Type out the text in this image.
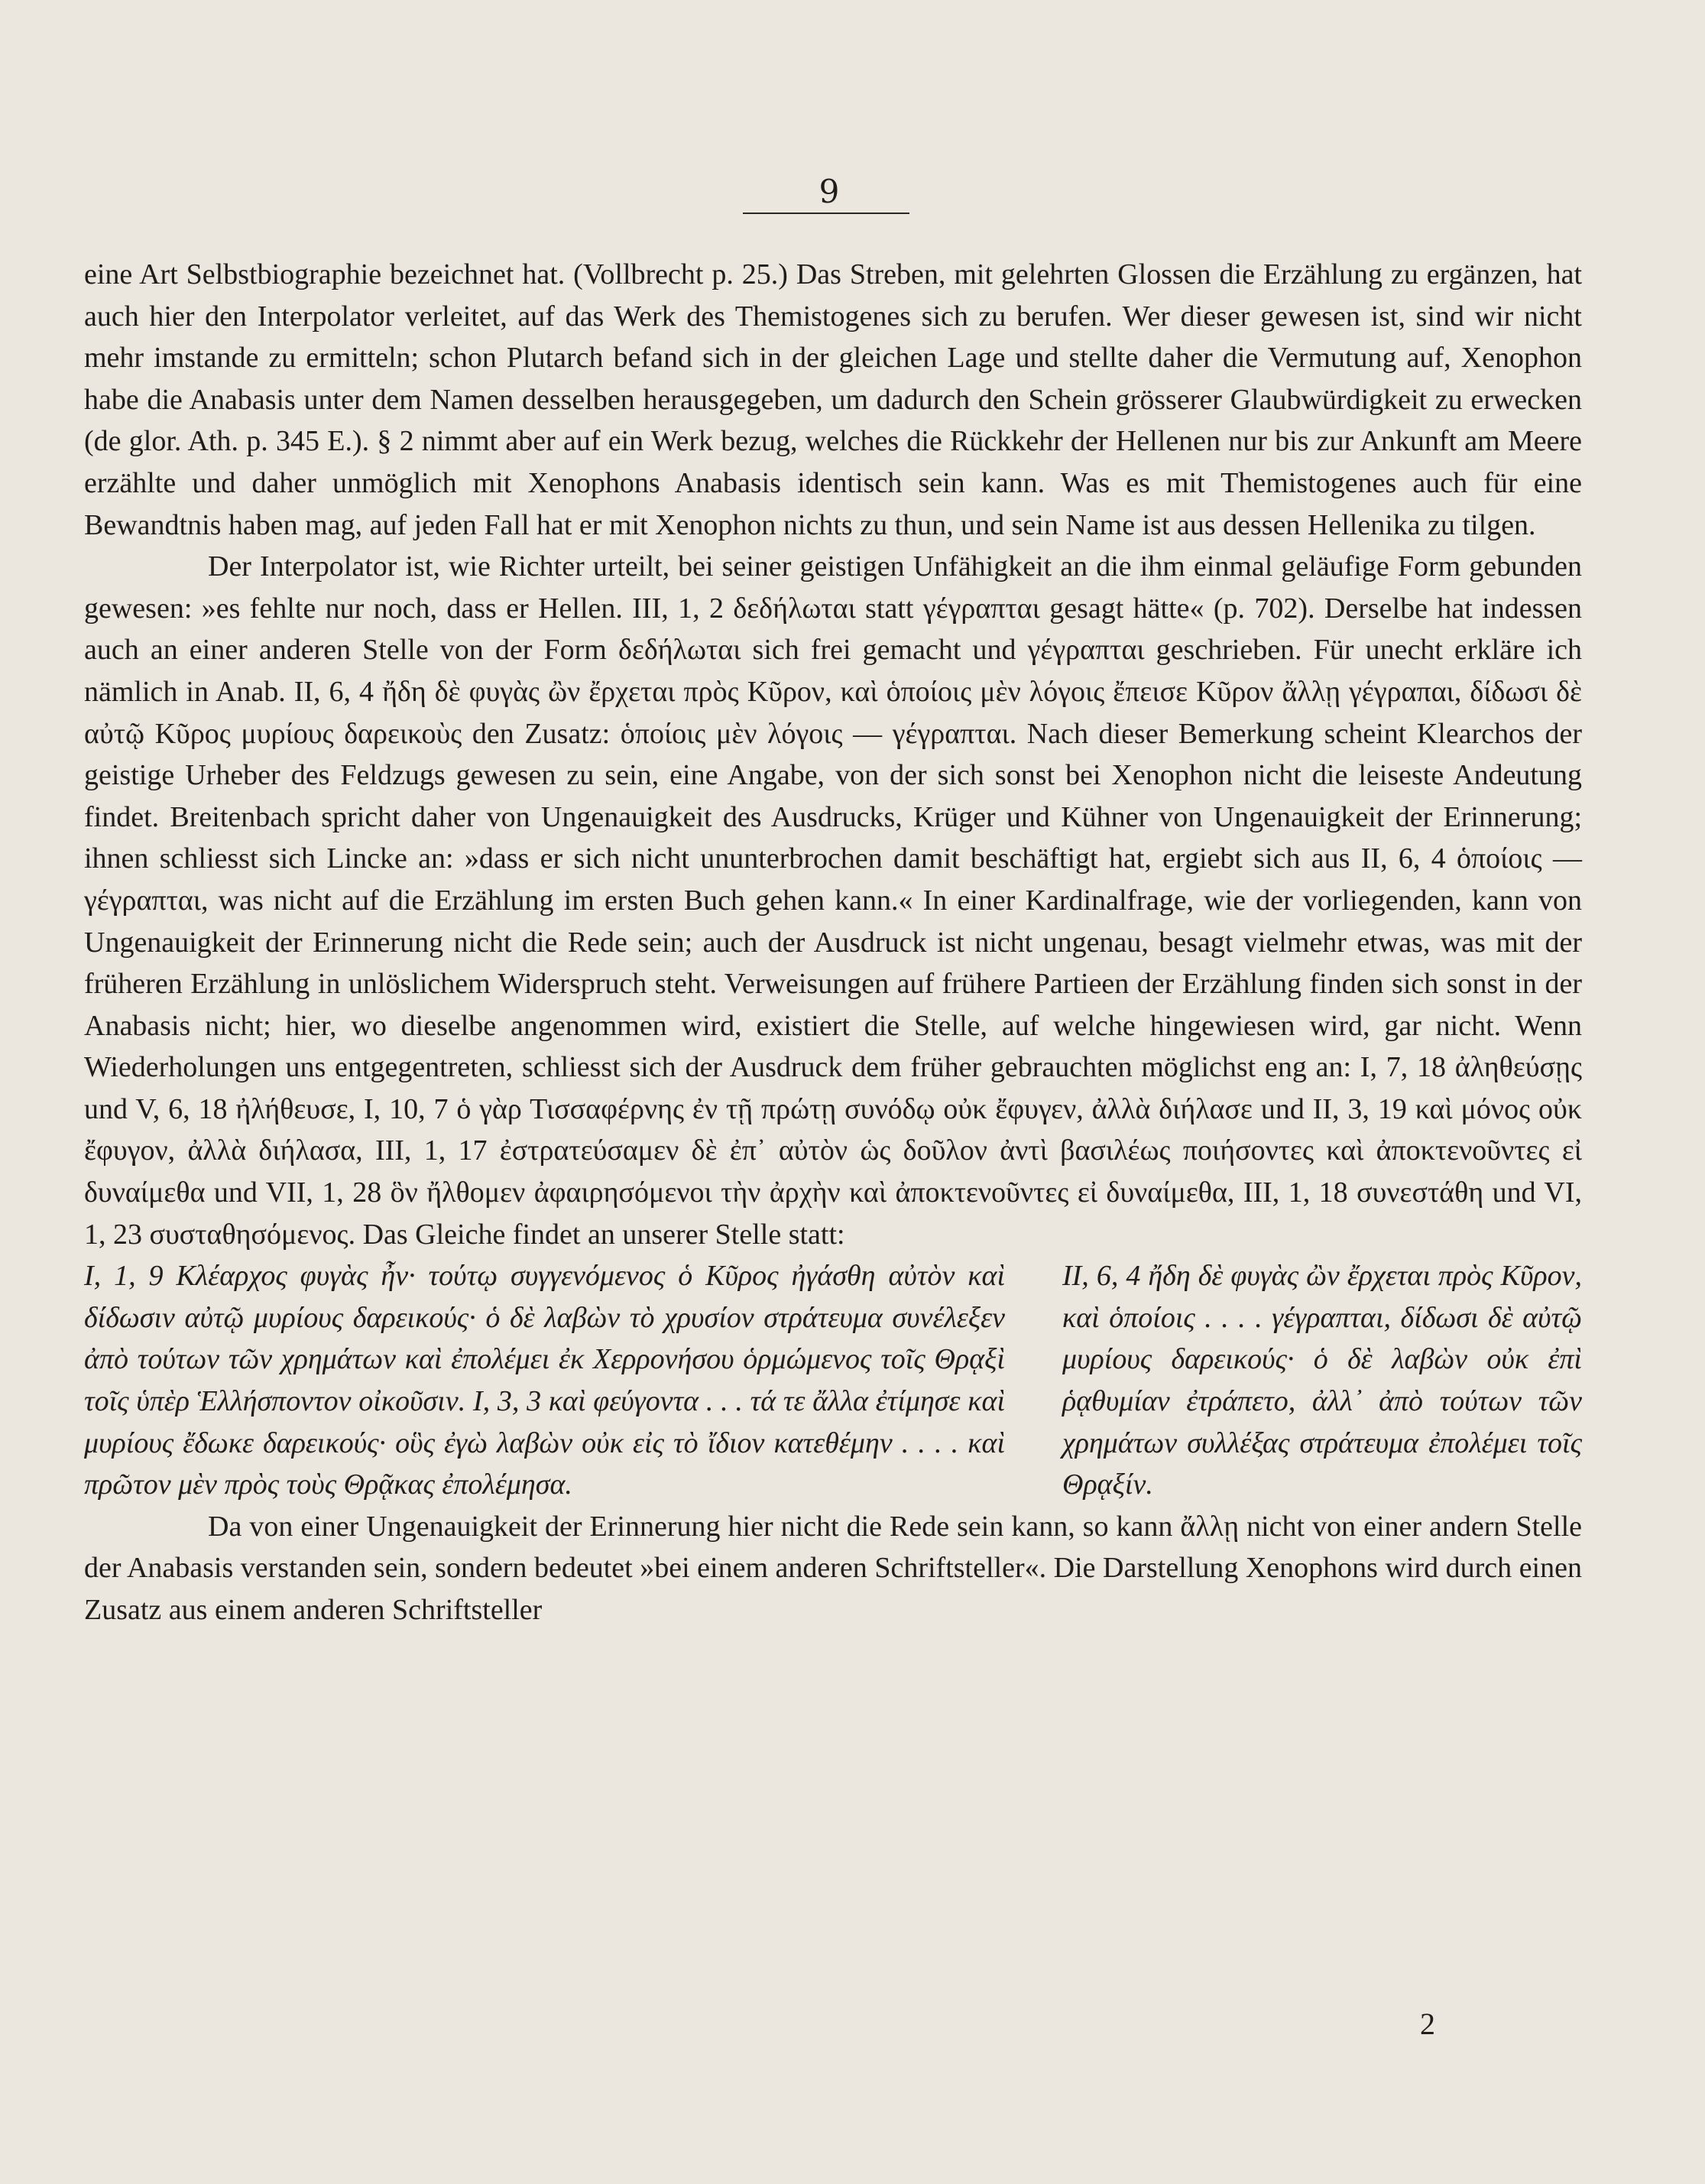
9

eine Art Selbstbiographie bezeichnet hat. (Vollbrecht p. 25.) Das Streben, mit gelehrten Glossen die Erzählung zu ergänzen, hat auch hier den Interpolator verleitet, auf das Werk des Themistogenes sich zu berufen. Wer dieser gewesen ist, sind wir nicht mehr imstande zu ermitteln; schon Plutarch befand sich in der gleichen Lage und stellte daher die Vermutung auf, Xenophon habe die Anabasis unter dem Namen desselben herausgegeben, um dadurch den Schein grösserer Glaubwürdigkeit zu erwecken (de glor. Ath. p. 345 E.). § 2 nimmt aber auf ein Werk bezug, welches die Rückkehr der Hellenen nur bis zur Ankunft am Meere erzählte und daher unmöglich mit Xenophons Anabasis identisch sein kann. Was es mit Themistogenes auch für eine Bewandtnis haben mag, auf jeden Fall hat er mit Xenophon nichts zu thun, und sein Name ist aus dessen Hellenika zu tilgen.

Der Interpolator ist, wie Richter urteilt, bei seiner geistigen Unfähigkeit an die ihm einmal geläufige Form gebunden gewesen: »es fehlte nur noch, dass er Hellen. III, 1, 2 δεδήλωται statt γέγραπται gesagt hätte« (p. 702). Derselbe hat indessen auch an einer anderen Stelle von der Form δεδήλωται sich frei gemacht und γέγραπται geschrieben. Für unecht erkläre ich nämlich in Anab. II, 6, 4 ἤδη δὲ φυγὰς ὢν ἔρχεται πρὸς Κῦρον, καὶ ὁποίοις μὲν λόγοις ἔπεισε Κῦρον ἄλλῃ γέγραπαι, δίδωσι δὲ αὐτῷ Κῦρος μυρίους δαρεικοὺς den Zusatz: ὁποίοις μὲν λόγοις — γέγραπται. Nach dieser Bemerkung scheint Klearchos der geistige Urheber des Feldzugs gewesen zu sein, eine Angabe, von der sich sonst bei Xenophon nicht die leiseste Andeutung findet. Breitenbach spricht daher von Ungenauigkeit des Ausdrucks, Krüger und Kühner von Ungenauigkeit der Erinnerung; ihnen schliesst sich Lincke an: »dass er sich nicht ununterbrochen damit beschäftigt hat, ergiebt sich aus II, 6, 4 ὁποίοις — γέγραπται, was nicht auf die Erzählung im ersten Buch gehen kann.« In einer Kardinalfrage, wie der vorliegenden, kann von Ungenauigkeit der Erinnerung nicht die Rede sein; auch der Ausdruck ist nicht ungenau, besagt vielmehr etwas, was mit der früheren Erzählung in unlöslichem Widerspruch steht. Verweisungen auf frühere Partieen der Erzählung finden sich sonst in der Anabasis nicht; hier, wo dieselbe angenommen wird, existiert die Stelle, auf welche hingewiesen wird, gar nicht. Wenn Wiederholungen uns entgegentreten, schliesst sich der Ausdruck dem früher gebrauchten möglichst eng an: I, 7, 18 ἀληθεύσῃς und V, 6, 18 ἠλήθευσε, I, 10, 7 ὁ γὰρ Τισσαφέρνης ἐν τῇ πρώτῃ συνόδῳ οὐκ ἔφυγεν, ἀλλὰ διήλασε und II, 3, 19 καὶ μόνος οὐκ ἔφυγον, ἀλλὰ διήλασα, III, 1, 17 ἐστρατεύσαμεν δὲ ἐπ᾽ αὐτὸν ὡς δοῦλον ἀντὶ βασιλέως ποιήσοντες καὶ ἀποκτενοῦντες εἰ δυναίμεθα und VII, 1, 28 ὃν ἤλθομεν ἀφαιρησόμενοι τὴν ἀρχὴν καὶ ἀποκτενοῦντες εἰ δυναίμεθα, III, 1, 18 συνεστάθη und VI, 1, 23 συσταθησόμενος. Das Gleiche findet an unserer Stelle statt:

I, 1, 9 Κλέαρχος φυγὰς ἦν· τούτῳ συγγενόμενος ὁ Κῦρος ἠγάσθη αὐτὸν καὶ δίδωσιν αὐτῷ μυρίους δαρεικούς· ὁ δὲ λαβὼν τὸ χρυσίον στράτευμα συνέλεξεν ἀπὸ τούτων τῶν χρημάτων καὶ ἐπολέμει ἐκ Χερρονήσου ὁρμώμενος τοῖς Θρᾳξὶ τοῖς ὑπὲρ Ἑλλήσποντον οἰκοῦσιν. I, 3, 3 καὶ φεύγοντα . . . τά τε ἄλλα ἐτίμησε καὶ μυρίους ἔδωκε δαρεικούς· οὓς ἐγὼ λαβὼν οὐκ εἰς τὸ ἴδιον κατεθέμην . . . . καὶ πρῶτον μὲν πρὸς τοὺς Θρᾷκας ἐπολέμησα.

II, 6, 4 ἤδη δὲ φυγὰς ὢν ἔρχεται πρὸς Κῦρον, καὶ ὁποίοις . . . . γέγραπται, δίδωσι δὲ αὐτῷ μυρίους δαρεικούς· ὁ δὲ λαβὼν οὐκ ἐπὶ ῥᾳθυμίαν ἐτράπετο, ἀλλ᾽ ἀπὸ τούτων τῶν χρημάτων συλλέξας στράτευμα ἐπολέμει τοῖς Θρᾳξίν.

Da von einer Ungenauigkeit der Erinnerung hier nicht die Rede sein kann, so kann ἄλλῃ nicht von einer andern Stelle der Anabasis verstanden sein, sondern bedeutet »bei einem anderen Schriftsteller«. Die Darstellung Xenophons wird durch einen Zusatz aus einem anderen Schriftsteller

2
